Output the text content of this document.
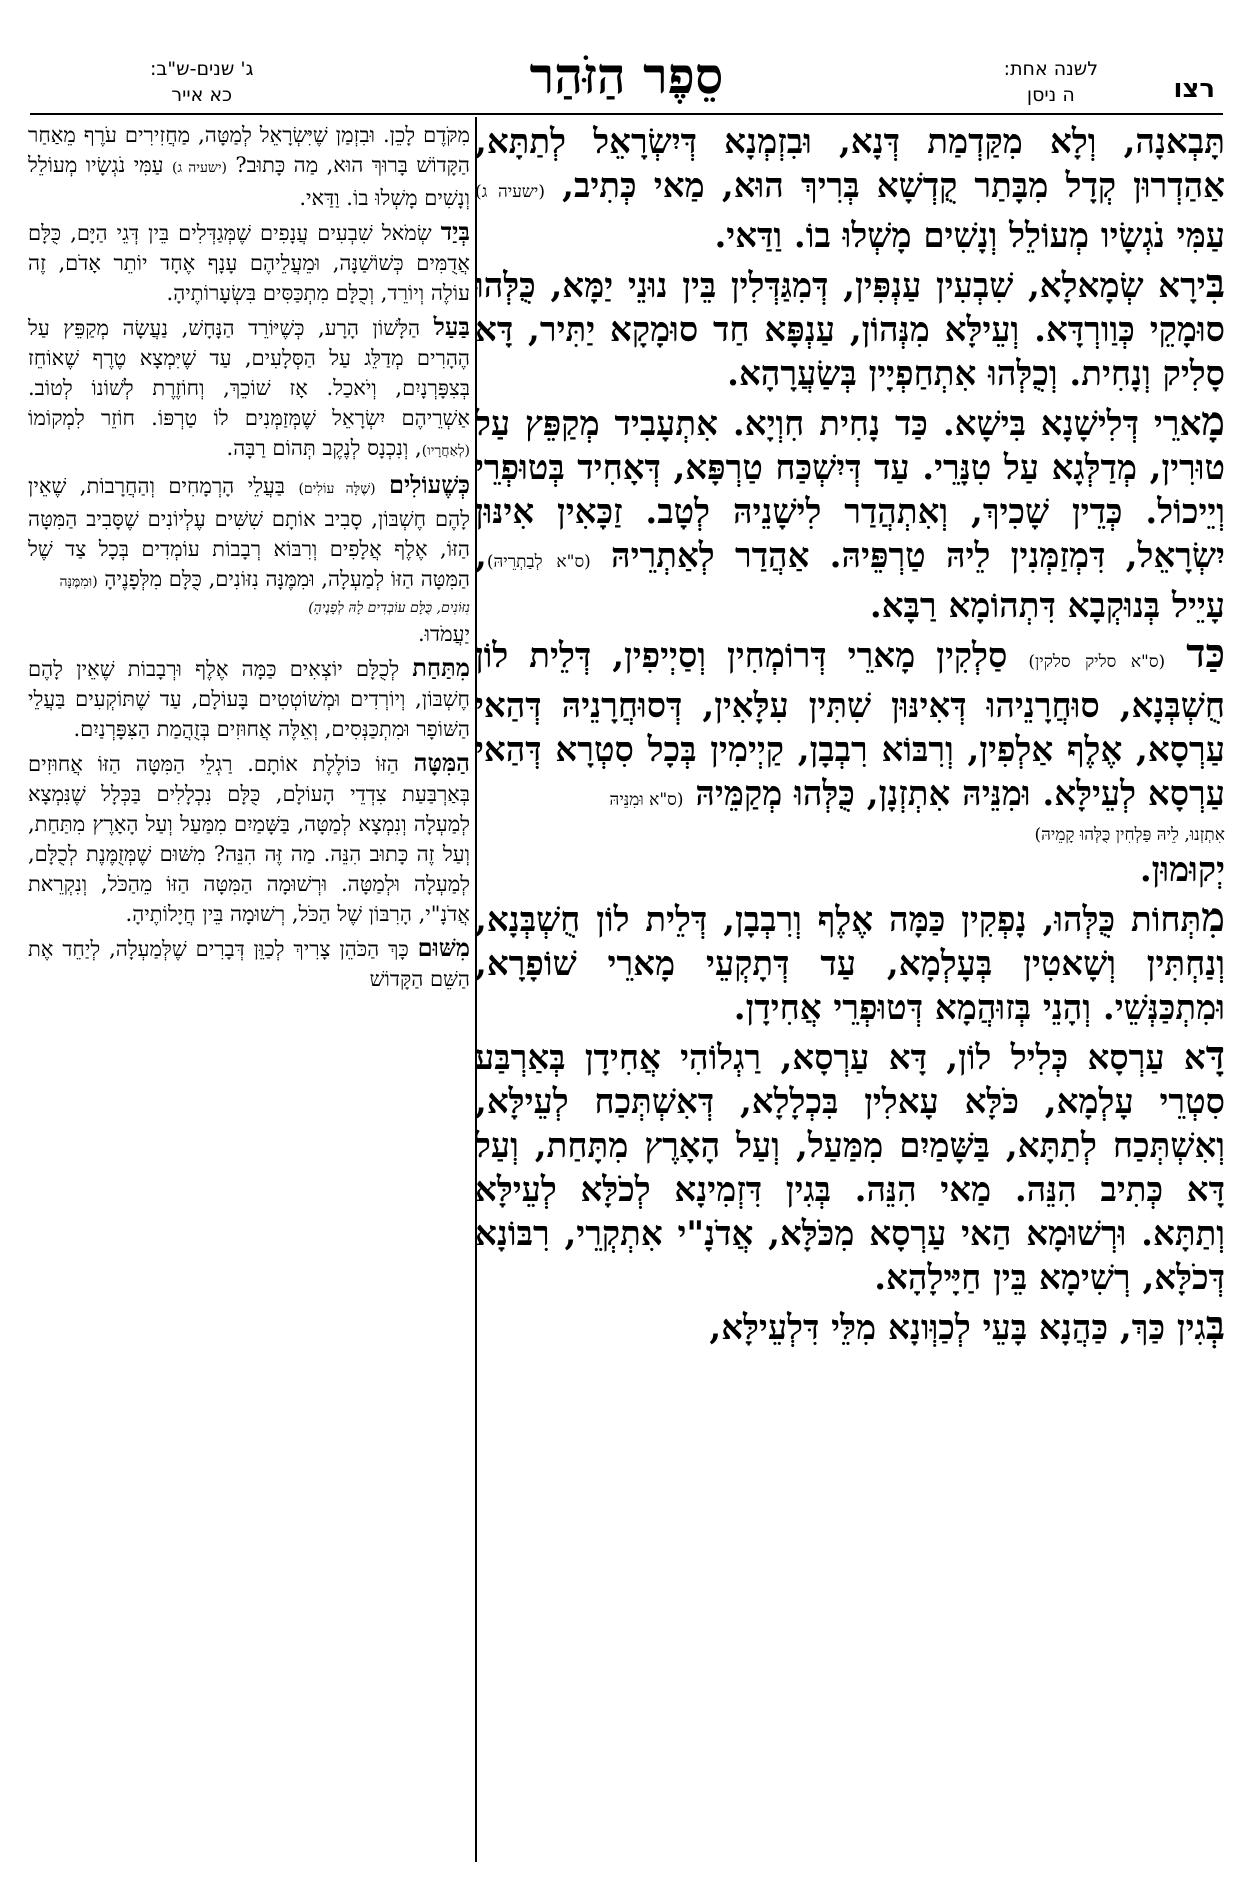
רצו
לשנה אחת:
ה ניסן
סֵפֶר הַזֹּהַר
ג' שנים-ש"ב:
כא אייר

תָּבְאנָה, וְלָא מִקַּדְמַת דְּנָא, וּבִזְמְנָא דְּיִשְׂרָאֵל לְתַתָּא, אַהַדְרוּן קְדָל מִבָּתַר קֻדְשָׁא בְּרִיךְ הוּא, מַאי כְּתִיב, (ישעיה ג) עַמִּי נֹגְשָׂיו מְעוֹלֵל וְנָשִׁים מָשְׁלוּ בוֹ. וַדַּאי.

בִּירָא שְׂמָאלָא, שִׁבְעִין עַנְפִּין, דְּמִגַּדְּלִין בֵּין נוּנֵי יַמָּא, כֻּלְּהוּ סוּמָקֵי כְּוַורְדָּא. וְעֵילָּא מִנְּהוֹן, עַנְפָּא חַד סוּמָקָא יַתִּיר, דָּא סָלִיק וְנָחִית. וְכֻלְּהוּ אִתְחַפְיָין בְּשַׂעֲרָהָא.

מָארֵי דְּלִישָׁנָא בִּישָׁא. כַּד נָחִית חִוְיָא. אִתְעָבִיד מְקַפֵּץ עַל טוּרִין, מְדַלְּגָא עַל טִנָּרֵי. עַד דְּיִשְׁכַּח טַרְפָּא, דְּאָחִיד בְּטוּפְרֵי וְיֵיכוֹל. כְּדֵין שָׁכִיךְ, וְאִתְהֲדַר לִישָׁנֵיהּ לְטָב. זַכָּאִין אִינּוּן יִשְׂרָאֵל, דִּמְזַמְּנִין לֵיהּ טַרְפֵּיהּ. אַהֲדַר לְאַתְרֵיהּ (ס"א לְבַתְרֵיהּ), עָיֵיל בְּנוּקְבָא דִּתְהוֹמָא רַבָּא.

כַּד (ס"א סליק סלקין) סַלְקִין מָארֵי דְּרוֹמְחִין וְסַיְיפִין, דְּלֵית לוֹן חֻשְׁבְּנָא, סוּחֲרָנֵיהוּ דְּאִינּוּן שִׁתִּין עִלָּאִין, דְּסוּחֲרָנֵיהּ דְּהַאי עַרְסָא, אֶלֶף אַלְפִין, וְרִבּוֹא רִבְבָן, קַיְימִין בְּכָל סִטְרָא דְּהַאי עַרְסָא לְעֵילָּא. וּמִנֵּיהּ אִתְזְנָן, כֻּלְּהוּ מְקַמֵּיהּ (ס"א וּמִנֵּיהּ
אִתְזְנוּ, לֵיהּ פַּלְחִין כֻּלְּהוּ קָמֵיהּ)
יְקוּמוּן.

מִתְּחוֹת כֻּלְּהוּ, נָפְקִין כַּמָּה אֶלֶף וְרִבְבָן, דְּלֵית לוֹן חֻשְׁבְּנָא, וְנַחְתִּין וְשָׁאטִין בְּעָלְמָא, עַד דְּתָקְעֵי מָארֵי שׁוֹפָרָא, וּמִתְכַּנְּשֵׁי. וְהָנֵי בְּזוּהֲמָא דְּטוּפְרֵי אֲחִידָן.

דָּא עַרְסָא כְּלִיל לוֹן, דָּא עַרְסָא, רַגְלוֹהִי אֲחִידָן בְּאַרְבַּע סִטְרֵי עָלְמָא, כֹּלָּא עָאלִין בִּכְלָלָא, דְּאִשְׁתְּכַח לְעֵילָּא, וְאִשְׁתְּכַח לְתַתָּא, בַּשָּׁמַיִם מִמַּעַל, וְעַל הָאָרֶץ מִתָּחַת, וְעַל דָּא כְּתִיב הִנֵּה. מַאי הִנֵּה. בְּגִין דִּזְמִינָא לְכֹלָּא לְעֵילָּא וְתַתָּא. וּרְשׁוּמָא הַאי עַרְסָא מִכֹּלָּא, אֲדֹנָ"י אִתְקְרֵי, רִבּוֹנָא דְּכֹלָּא, רְשִׁימָא בֵּין חַיָּילָהָא.

בְּגִין כַּךְ, כַּהֲנָא בָּעֵי לְכַוְּונָא מִלֵּי דִּלְעֵילָּא,

מִקֹּדֶם לָכֵן. וּבִזְמַן שֶׁיִּשְׂרָאֵל לְמַטָּה, מַחֲזִירִים עֹרֶף מֵאַחַר הַקָּדוֹשׁ בָּרוּךְ הוּא, מַה כָּתוּב? (ישעיה ג) עַמִּי נֹגְשָׂיו מְעוֹלֵל וְנָשִׁים מָשְׁלוּ בוֹ. וַדַּאי.

בְּיַד שְׂמֹאל שִׁבְעִים עֲנָפִים שֶׁמְּגַדְּלִים בֵּין דְּגֵי הַיָּם, כֻּלָּם אֲדֻמִּים כְּשׁוֹשַׁנָּה, וּמֵעֲלֵיהֶם עָנָף אֶחָד יוֹתֵר אָדֹם, זֶה עוֹלֶה וְיוֹרֵד, וְכֻלָּם מִתְכַּסִּים בִּשְׂעָרוֹתֶיהָ.

בַּעַל הַלָּשׁוֹן הָרָע, כְּשֶׁיּוֹרֵד הַנָּחָשׁ, נַעֲשָׂה מְקַפֵּץ עַל הֶהָרִים מְדַלֵּג עַל הַסְּלָעִים, עַד שֶׁיִּמְצָא טֶרֶף שֶׁאוֹחֵז בְּצִפָּרְנָיִם, וְיֹאכַל. אָז שׁוֹכֵךְ, וְחוֹזֶרֶת לְשׁוֹנוֹ לְטוֹב. אַשְׁרֵיהֶם יִשְׂרָאֵל שֶׁמְּזַמְּנִים לוֹ טַרְפּוֹ. חוֹזֵר לִמְקוֹמוֹ (לְאַחֲרָיו), וְנִכְנָס לְנֶקֶב תְּהוֹם רַבָּה.

כְּשֶׁעוֹלִים (שֶׁלָּה עוֹלִים) בַּעֲלֵי הָרְמָחִים וְהַחֲרָבוֹת, שֶׁאֵין לָהֶם חֶשְׁבּוֹן, סָבִיב אוֹתָם שִׁשִּׁים עֶלְיוֹנִים שֶׁסָּבִיב הַמִּטָּה הַזּוֹ, אֶלֶף אֲלָפִים וְרִבּוֹא רְבָבוֹת עוֹמְדִים בְּכָל צַד שֶׁל הַמִּטָּה הַזּוֹ לְמַעְלָה, וּמִמֶּנָּה נִזּוֹנִים, כֻּלָּם מִלְּפָנֶיהָ (וּמִמֶּנָּה
נִזּוֹנִים, כֻּלָּם עוֹבְדִים לָהּ לְפָנֶיהָ)
יַעֲמֹדוּ.

מִתַּחַת לְכֻלָּם יוֹצְאִים כַּמָּה אֶלֶף וּרְבָבוֹת שֶׁאֵין לָהֶם חֶשְׁבּוֹן, וְיוֹרְדִים וּמְשׁוֹטְטִים בָּעוֹלָם, עַד שֶׁתּוֹקְעִים בַּעֲלֵי הַשּׁוֹפָר וּמִתְכַּנְּסִים, וְאֵלֶּה אֲחוּזִים בְּזֻהֲמַת הַצִּפָּרְנַיִם.

הַמִּטָּה הַזּוֹ כּוֹלֶלֶת אוֹתָם. רַגְלֵי הַמִּטָּה הַזּוֹ אֲחוּזִים בְּאַרְבַּעַת צִדְדֵי הָעוֹלָם, כֻּלָּם נִכְלָלִים בַּכְּלָל שֶׁנִּמְצָא לְמַעְלָה וְנִמְצָא לְמַטָּה, בַּשָּׁמַיִם מִמַּעַל וְעַל הָאָרֶץ מִתַּחַת, וְעַל זֶה כָּתוּב הִנֵּה. מַה זֶּה הִנֵּה? מִשּׁוּם שֶׁמְּזֻמֶּנֶת לְכֻלָּם, לְמַעְלָה וּלְמַטָּה. וּרְשׁוּמָה הַמִּטָּה הַזּוֹ מֵהַכֹּל, וְנִקְרֵאת אֲדֹנָ"י, הָרִבּוֹן שֶׁל הַכֹּל, רְשׁוּמָה בֵּין חֲיָלוֹתֶיהָ.

מִשּׁוּם כָּךְ הַכֹּהֵן צָרִיךְ לְכַוֵּן דְּבָרִים שֶׁלְּמַעְלָה, לְיַחֵד אֶת הַשֵּׁם הַקָּדוֹשׁ
